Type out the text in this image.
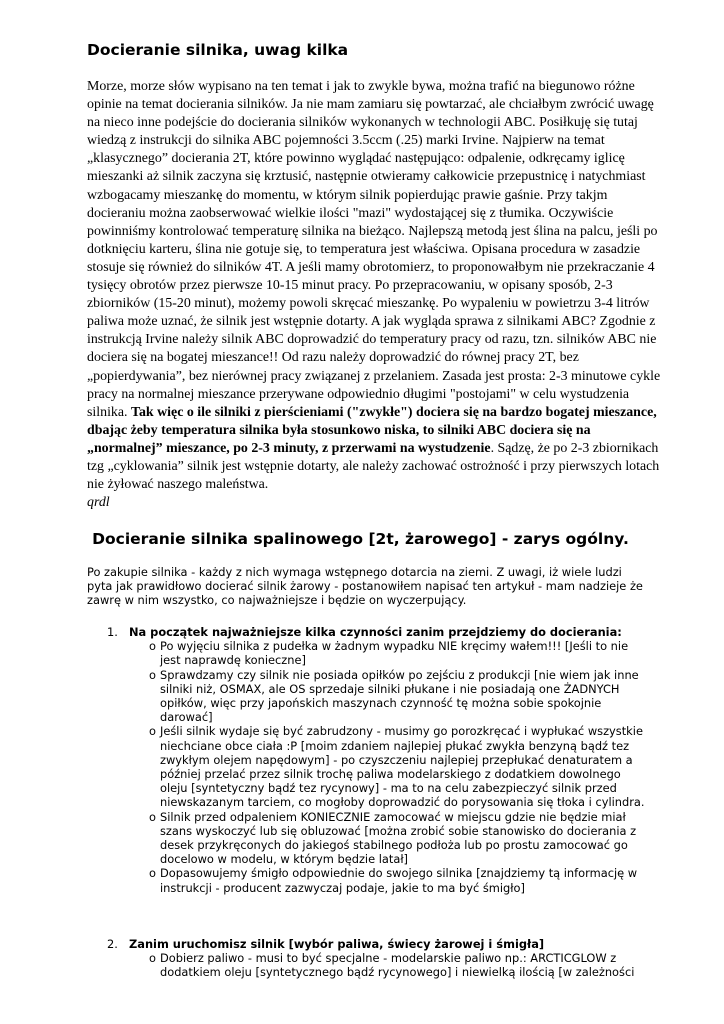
Docieranie silnika, uwag kilka

Morze, morze słów wypisano na ten temat i jak to zwykle bywa, można trafić na biegunowo różne opinie na temat docierania silników. Ja nie mam zamiaru się powtarzać, ale chciałbym zwrócić uwagę na nieco inne podejście do docierania silników wykonanych w technologii ABC. Posiłkuję się tutaj wiedzą z instrukcji do silnika ABC pojemności 3.5ccm (.25) marki Irvine. Najpierw na temat „klasycznego” docierania 2T, które powinno wyglądać następująco: odpalenie, odkręcamy iglicę mieszanki aż silnik zaczyna się krztusić, następnie otwieramy całkowicie przepustnicę i natychmiast wzbogacamy mieszankę do momentu, w którym silnik popierdując prawie gaśnie. Przy takjm docieraniu można zaobserwować wielkie ilości "mazi" wydostającej się z tłumika. Oczywiście powinniśmy kontrolować temperaturę silnika na bieżąco. Najlepszą metodą jest ślina na palcu, jeśli po dotknięciu karteru, ślina nie gotuje się, to temperatura jest właściwa. Opisana procedura w zasadzie stosuje się również do silników 4T. A jeśli mamy obrotomierz, to proponowałbym nie przekraczanie 4 tysięcy obrotów przez pierwsze 10-15 minut pracy. Po przepracowaniu, w opisany sposób, 2-3 zbiorników (15-20 minut), możemy powoli skręcać mieszankę. Po wypaleniu w powietrzu 3-4 litrów paliwa może uznać, że silnik jest wstępnie dotarty. A jak wygląda sprawa z silnikami ABC? Zgodnie z instrukcją Irvine należy silnik ABC doprowadzić do temperatury pracy od razu, tzn. silników ABC nie dociera się na bogatej mieszance!! Od razu należy doprowadzić do równej pracy 2T, bez „popierdywania”, bez nierównej pracy związanej z przelaniem. Zasada jest prosta: 2-3 minutowe cykle pracy na normalnej mieszance przerywane odpowiednio długimi "postojami" w celu wystudzenia silnika. Tak więc o ile silniki z pierścieniami ("zwykłe") dociera się na bardzo bogatej mieszance, dbając żeby temperatura silnika była stosunkowo niska, to silniki ABC dociera się na „normalnej” mieszance, po 2-3 minuty, z przerwami na wystudzenie. Sądzę, że po 2-3 zbiornikach tzg „cyklowania” silnik jest wstępnie dotarty, ale należy zachować ostrożność i przy pierwszych lotach nie żyłować naszego maleństwa.

qrdl

Docieranie silnika spalinowego [2t, żarowego] - zarys ogólny.

Po zakupie silnika - każdy z nich wymaga wstępnego dotarcia na ziemi. Z uwagi, iż wiele ludzi pyta jak prawidłowo docierać silnik żarowy - postanowiłem napisać ten artykuł - mam nadzieje że zawrę w nim wszystko, co najważniejsze i będzie on wyczerpujący.

1. Na początek najważniejsze kilka czynności zanim przejdziemy do docierania:
o Po wyjęciu silnika z pudełka w żadnym wypadku NIE kręcimy wałem!!! [Jeśli to nie jest naprawdę konieczne]
o Sprawdzamy czy silnik nie posiada opiłków po zejściu z produkcji [nie wiem jak inne silniki niż, OSMAX, ale OS sprzedaje silniki płukane i nie posiadają one ŻADNYCH opiłków, więc przy japońskich maszynach czynność tę można sobie spokojnie darować]
o Jeśli silnik wydaje się być zabrudzony - musimy go porozkręcać i wypłukać wszystkie niechciane obce ciała :P [moim zdaniem najlepiej płukać zwykła benzyną bądź tez zwykłym olejem napędowym] - po czyszczeniu najlepiej przepłukać denaturatem a później przelać przez silnik trochę paliwa modelarskiego z dodatkiem dowolnego oleju [syntetyczny bądź tez rycynowy] - ma to na celu zabezpieczyć silnik przed niewskazanym tarciem, co mogłoby doprowadzić do porysowania się tłoka i cylindra.
o Silnik przed odpaleniem KONIECZNIE zamocować w miejscu gdzie nie będzie miał szans wyskoczyć lub się obluzować [można zrobić sobie stanowisko do docierania z desek przykręconych do jakiegoś stabilnego podłoża lub po prostu zamocować go docelowo w modelu, w którym będzie latał]
o Dopasowujemy śmigło odpowiednie do swojego silnika [znajdziemy tą informację w instrukcji - producent zazwyczaj podaje, jakie to ma być śmigło]
2. Zanim uruchomisz silnik [wybór paliwa, świecy żarowej i śmigła]
o Dobierz paliwo - musi to być specjalne - modelarskie paliwo np.: ARCTICGLOW z dodatkiem oleju [syntetycznego bądź rycynowego] i niewielką ilością [w zależności
